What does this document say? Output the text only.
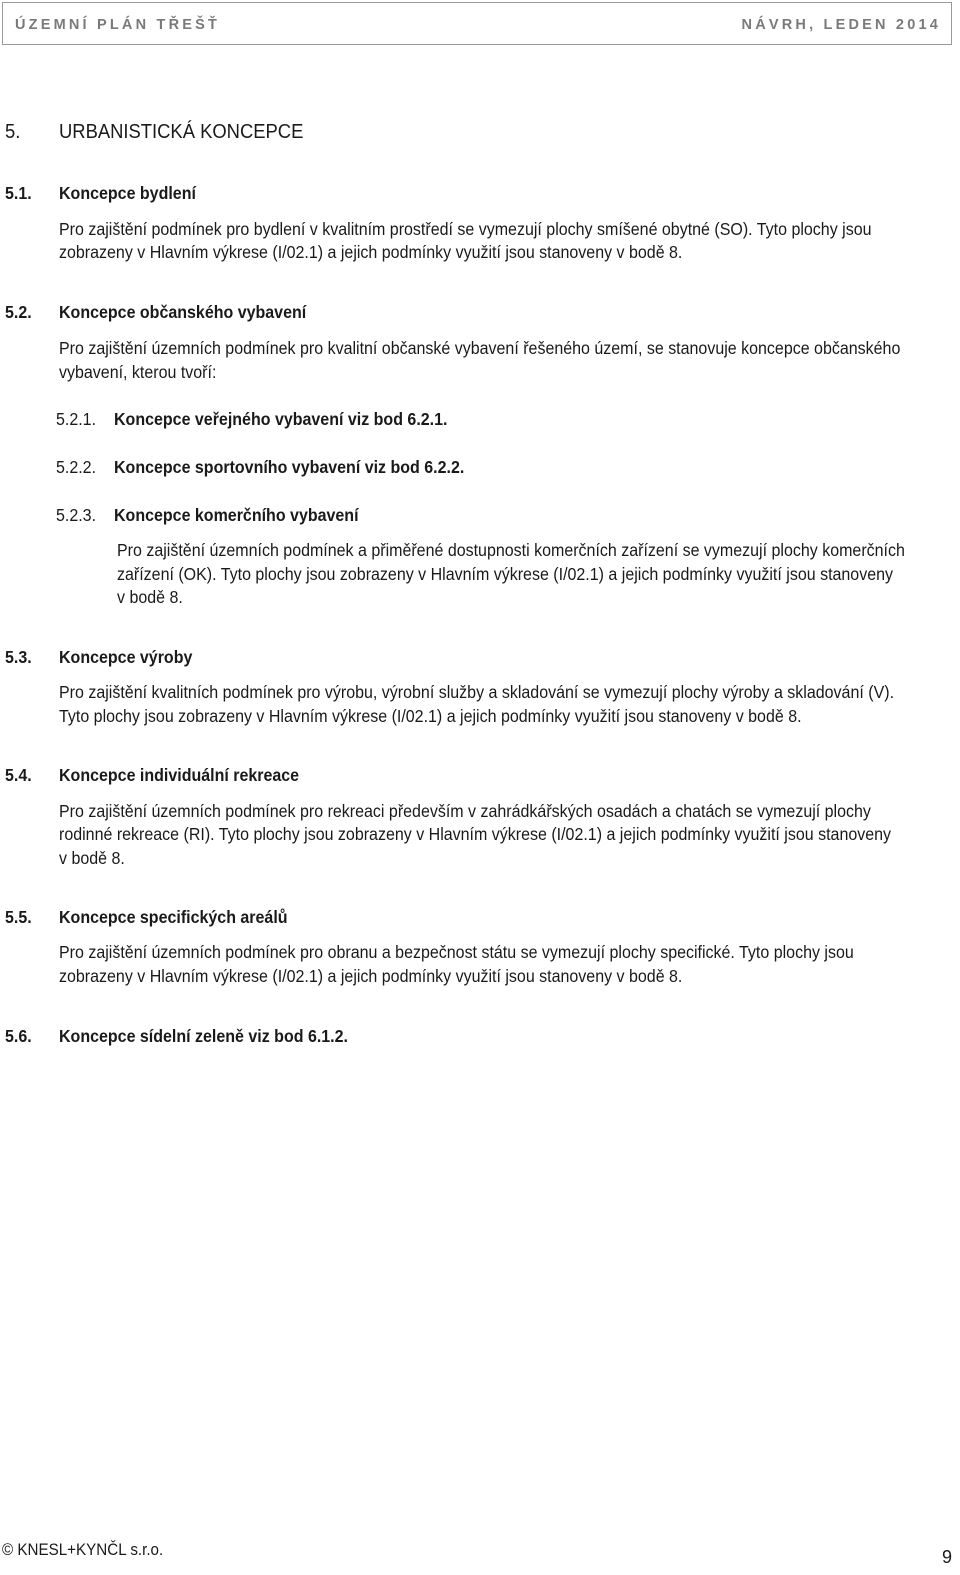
ÚZEMNÍ PLÁN TŘEŠŤ	NÁVRH, LEDEN 2014
5. URBANISTICKÁ KONCEPCE
5.1. Koncepce bydlení
Pro zajištění podmínek pro bydlení v kvalitním prostředí se vymezují plochy smíšené obytné (SO). Tyto plochy jsou
zobrazeny v Hlavním výkrese (I/02.1) a jejich podmínky využití jsou stanoveny v bodě 8.
5.2. Koncepce občanského vybavení
Pro zajištění územních podmínek pro kvalitní občanské vybavení řešeného území, se stanovuje koncepce občanského
vybavení, kterou tvoří:
5.2.1. Koncepce veřejného vybavení viz bod 6.2.1.
5.2.2. Koncepce sportovního vybavení viz bod 6.2.2.
5.2.3. Koncepce komerčního vybavení
Pro zajištění územních podmínek a přiměřené dostupnosti komerčních zařízení se vymezují plochy komerčních
zařízení (OK). Tyto plochy jsou zobrazeny v Hlavním výkrese (I/02.1) a jejich podmínky využití jsou stanoveny
v bodě 8.
5.3. Koncepce výroby
Pro zajištění kvalitních podmínek pro výrobu, výrobní služby a skladování se vymezují plochy výroby a skladování (V).
Tyto plochy jsou zobrazeny v Hlavním výkrese (I/02.1) a jejich podmínky využití jsou stanoveny v bodě 8.
5.4. Koncepce individuální rekreace
Pro zajištění územních podmínek pro rekreaci především v zahrádkářských osadách a chatách se vymezují plochy
rodinné rekreace (RI). Tyto plochy jsou zobrazeny v Hlavním výkrese (I/02.1) a jejich podmínky využití jsou stanoveny
v bodě 8.
5.5. Koncepce specifických areálů
Pro zajištění územních podmínek pro obranu a bezpečnost státu se vymezují plochy specifické. Tyto plochy jsou
zobrazeny v Hlavním výkrese (I/02.1) a jejich podmínky využití jsou stanoveny v bodě 8.
5.6. Koncepce sídelní zeleně viz bod 6.1.2.
© KNESL+KYNČL s.r.o.	9
